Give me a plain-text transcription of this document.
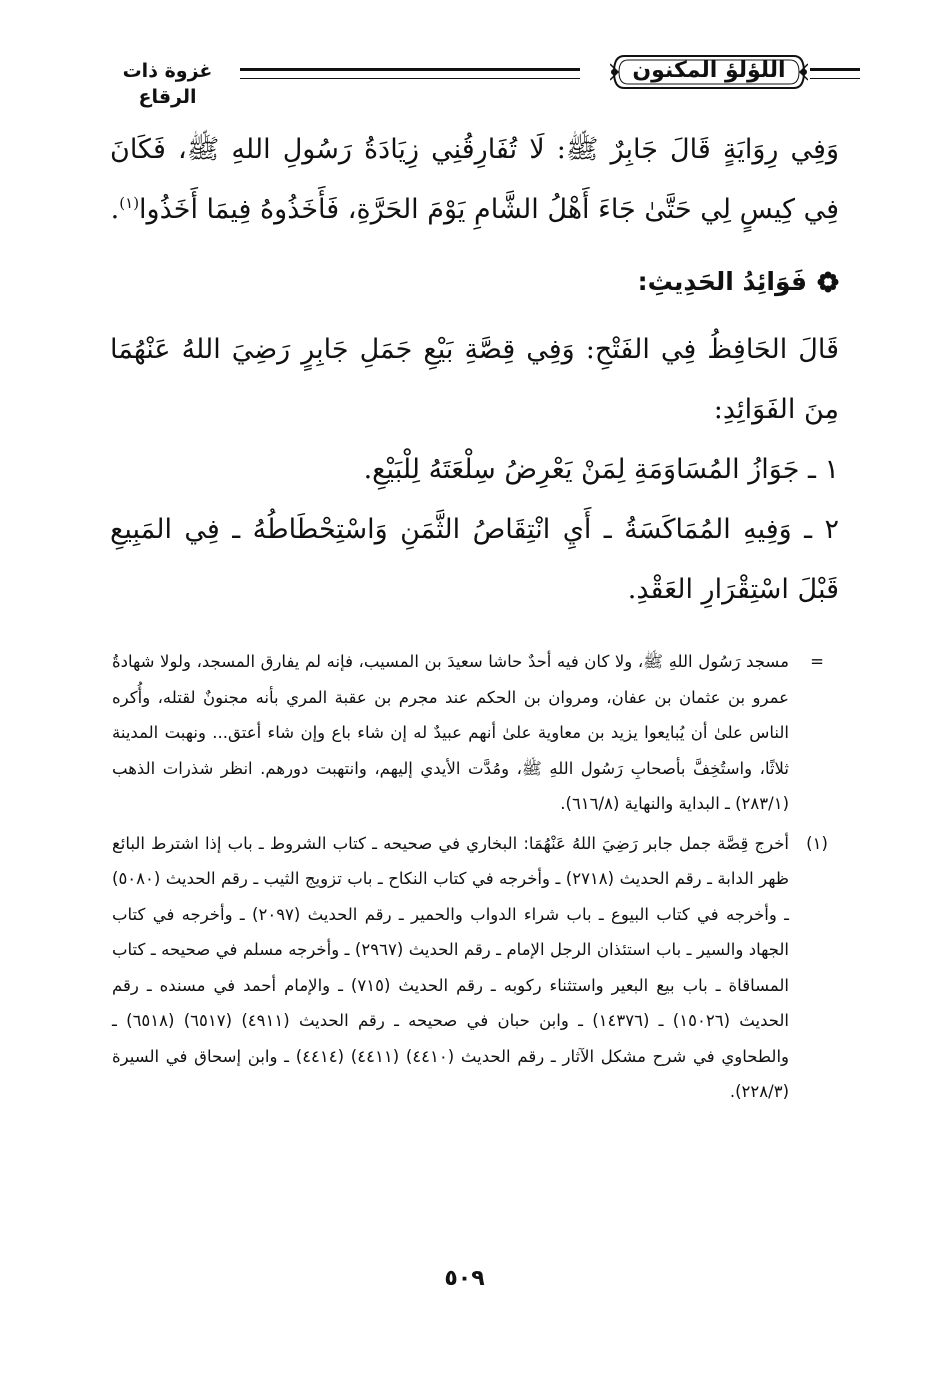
اللؤلؤ المكنون
غزوة ذات الرقاع

وَفِي رِوَايَةٍ قَالَ جَابِرٌ ﷺ: لَا تُفَارِقُنِي زِيَادَةُ رَسُولِ اللهِ ﷺ، فَكَانَ فِي كِيسٍ لِي حَتَّىٰ جَاءَ أَهْلُ الشَّامِ يَوْمَ الحَرَّةِ، فَأَخَذُوهُ فِيمَا أَخَذُوا$^{(١)}$.

فَوَائِدُ الحَدِيثِ:

قَالَ الحَافِظُ فِي الفَتْحِ: وَفِي قِصَّةِ بَيْعِ جَمَلِ جَابِرٍ رَضِيَ اللهُ عَنْهُمَا مِنَ الفَوَائِدِ:

١ ـ جَوَازُ المُسَاوَمَةِ لِمَنْ يَعْرِضُ سِلْعَتَهُ لِلْبَيْعِ.

٢ ـ وَفِيهِ المُمَاكَسَةُ ـ أَيِ انْتِقَاصُ الثَّمَنِ وَاسْتِحْطَاطُهُ ـ فِي المَبِيعِ قَبْلَ اسْتِقْرَارِ العَقْدِ.

=
مسجد رَسُول اللهِ ﷺ، ولا كان فيه أحدٌ حاشا سعيدَ بن المسيب، فإنه لم يفارق المسجد، ولولا شهادةُ عمرو بن عثمان بن عفان، ومروان بن الحكم عند مجرم بن عقبة المري بأنه مجنونٌ لقتله، وأُكره الناس علىٰ أن يُبايعوا يزيد بن معاوية علىٰ أنهم عبيدٌ له إن شاء باع وإن شاء أعتق... ونهبت المدينة ثلاثًا، واستُخِفَّ بأصحابِ رَسُول اللهِ ﷺ، ومُدَّت الأيدي إليهم، وانتهبت دورهم. انظر شذرات الذهب (٢٨٣/١) ـ البداية والنهاية (٦١٦/٨).
(١)
أخرج قِصَّة جمل جابر رَضِيَ اللهُ عَنْهُمَا: البخاري في صحيحه ـ كتاب الشروط ـ باب إذا اشترط البائع ظهر الدابة ـ رقم الحديث (٢٧١٨) ـ وأخرجه في كتاب النكاح ـ باب تزويج الثيب ـ رقم الحديث (٥٠٨٠) ـ وأخرجه في كتاب البيوع ـ باب شراء الدواب والحمير ـ رقم الحديث (٢٠٩٧) ـ وأخرجه في كتاب الجهاد والسير ـ باب استئذان الرجل الإمام ـ رقم الحديث (٢٩٦٧) ـ وأخرجه مسلم في صحيحه ـ كتاب المساقاة ـ باب بيع البعير واستثناء ركوبه ـ رقم الحديث (٧١٥) ـ والإمام أحمد في مسنده ـ رقم الحديث (١٥٠٢٦) ـ (١٤٣٧٦) ـ وابن حبان في صحيحه ـ رقم الحديث (٤٩١١) (٦٥١٧) (٦٥١٨) ـ والطحاوي في شرح مشكل الآثار ـ رقم الحديث (٤٤١٠) (٤٤١١) (٤٤١٤) ـ وابن إسحاق في السيرة (٢٢٨/٣).
٥٠٩
